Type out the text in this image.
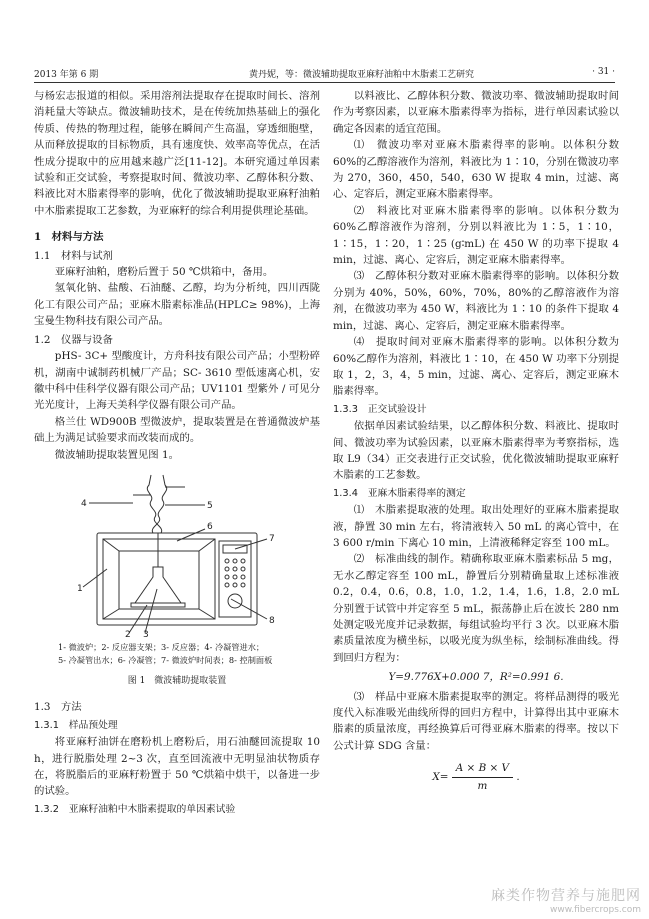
2013 年第 6 期	黄丹妮，等：微波辅助提取亚麻籽油粕中木脂素工艺研究	· 31 ·

与杨宏志报道的相似。采用溶剂法提取存在提取时间长、溶剂消耗量大等缺点。微波辅助技术，是在传统加热基础上的强化传质、传热的物理过程，能够在瞬间产生高温，穿透细胞壁，从而释放提取的目标物质，具有速度快、效率高等优点，在活性成分提取中的应用越来越广泛[11-12]。本研究通过单因素试验和正交试验，考察提取时间、微波功率、乙醇体积分数、料液比对木脂素得率的影响，优化了微波辅助提取亚麻籽油粕中木脂素提取工艺参数，为亚麻籽的综合利用提供理论基础。

1　材料与方法

1.1　材料与试剂

亚麻籽油粕，磨粉后置于 50 ℃烘箱中，备用。

氢氧化钠、盐酸、石油醚、乙醇，均为分析纯，四川西陇化工有限公司产品；亚麻木脂素标准品(HPLC≥ 98%)，上海宝曼生物科技有限公司产品。

1.2　仪器与设备

pHS- 3C+ 型酸度计，方舟科技有限公司产品；小型粉碎机，湖南中诚制药机械厂产品；SC- 3610 型低速离心机，安徽中科中佳科学仪器有限公司产品；UV1101 型紫外 / 可见分光光度计，上海天美科学仪器有限公司产品。

格兰仕 WD900B 型微波炉，提取装置是在普通微波炉基础上为满足试验要求而改装而成的。

微波辅助提取装置见图 1。

1
2 3
4	5
6
7
8

1- 微波炉；2- 反应器支架；3- 反应器；4- 冷凝管进水；

5- 冷凝管出水；6- 冷凝管；7- 微波炉时间表；8- 控制面板

图 1　微波辅助提取装置

1.3　方法

1.3.1　样品预处理

将亚麻籽油饼在磨粉机上磨粉后，用石油醚回流提取 10 h，进行脱脂处理 2~3 次，直至回流液中无明显油状物质存在，将脱脂后的亚麻籽粉置于 50 ℃烘箱中烘干，以备进一步的试验。

1.3.2　亚麻籽油粕中木脂素提取的单因素试验

以料液比、乙醇体积分数、微波功率、微波辅助提取时间作为考察因素，以亚麻木脂素得率为指标，进行单因素试验以确定各因素的适宜范围。

⑴　微波功率对亚麻木脂素得率的影响。以体积分数 60%的乙醇溶液作为溶剂，料液比为 1∶10，分别在微波功率为 270，360，450，540，630 W 提取 4 min，过滤、离心、定容后，测定亚麻木脂素得率。

⑵　料液比对亚麻木脂素得率的影响。以体积分数为 60%乙醇溶液作为溶剂，分别以料液比为 1∶5，1∶10，1∶15，1∶20，1∶25 (g∶mL) 在 450 W 的功率下提取 4 min，过滤、离心、定容后，测定亚麻木脂素得率。

⑶　乙醇体积分数对亚麻木脂素得率的影响。以体积分数分别为 40%，50%，60%，70%，80%的乙醇溶液作为溶剂，在微波功率为 450 W，料液比为 1∶10 的条件下提取 4 min，过滤、离心、定容后，测定亚麻木脂素得率。

⑷　提取时间对亚麻木脂素得率的影响。以体积分数为 60%乙醇作为溶剂，料液比 1∶10，在 450 W 功率下分别提取 1，2，3，4，5 min，过滤、离心、定容后，测定亚麻木脂素得率。

1.3.3　正交试验设计

依据单因素试验结果，以乙醇体积分数、料液比、提取时间、微波功率为试验因素，以亚麻木脂素得率为考察指标，选取 L9（34）正交表进行正交试验，优化微波辅助提取亚麻籽木脂素的工艺参数。

1.3.4　亚麻木脂素得率的测定

⑴　木脂素提取液的处理。取出处理好的亚麻木脂素提取液，静置 30 min 左右，将清液转入 50 mL 的离心管中，在 3 600 r/min 下离心 10 min，上清液稀释定容至 100 mL。

⑵　标准曲线的制作。精确称取亚麻木脂素标品 5 mg，无水乙醇定容至 100 mL，静置后分别精确量取上述标准液 0.2，0.4，0.6，0.8，1.0，1.2，1.4，1.6，1.8，2.0 mL 分别置于试管中并定容至 5 mL，振荡静止后在波长 280 nm 处测定吸光度并记录数据，每组试验均平行 3 次。以亚麻木脂素质量浓度为横坐标，以吸光度为纵坐标，绘制标准曲线。得到回归方程为：

Y=9.776X+0.000 7，R²=0.991 6.

⑶　样品中亚麻木脂素提取率的测定。将样品测得的吸光度代入标准吸光曲线所得的回归方程中，计算得出其中亚麻木脂素的质量浓度，再经换算后可得亚麻木脂素的得率。按以下公式计算 SDG 含量：

$X= \frac{A \times B \times V}{m}$ .

麻类作物营养与施肥网
www.fibercrops.com
